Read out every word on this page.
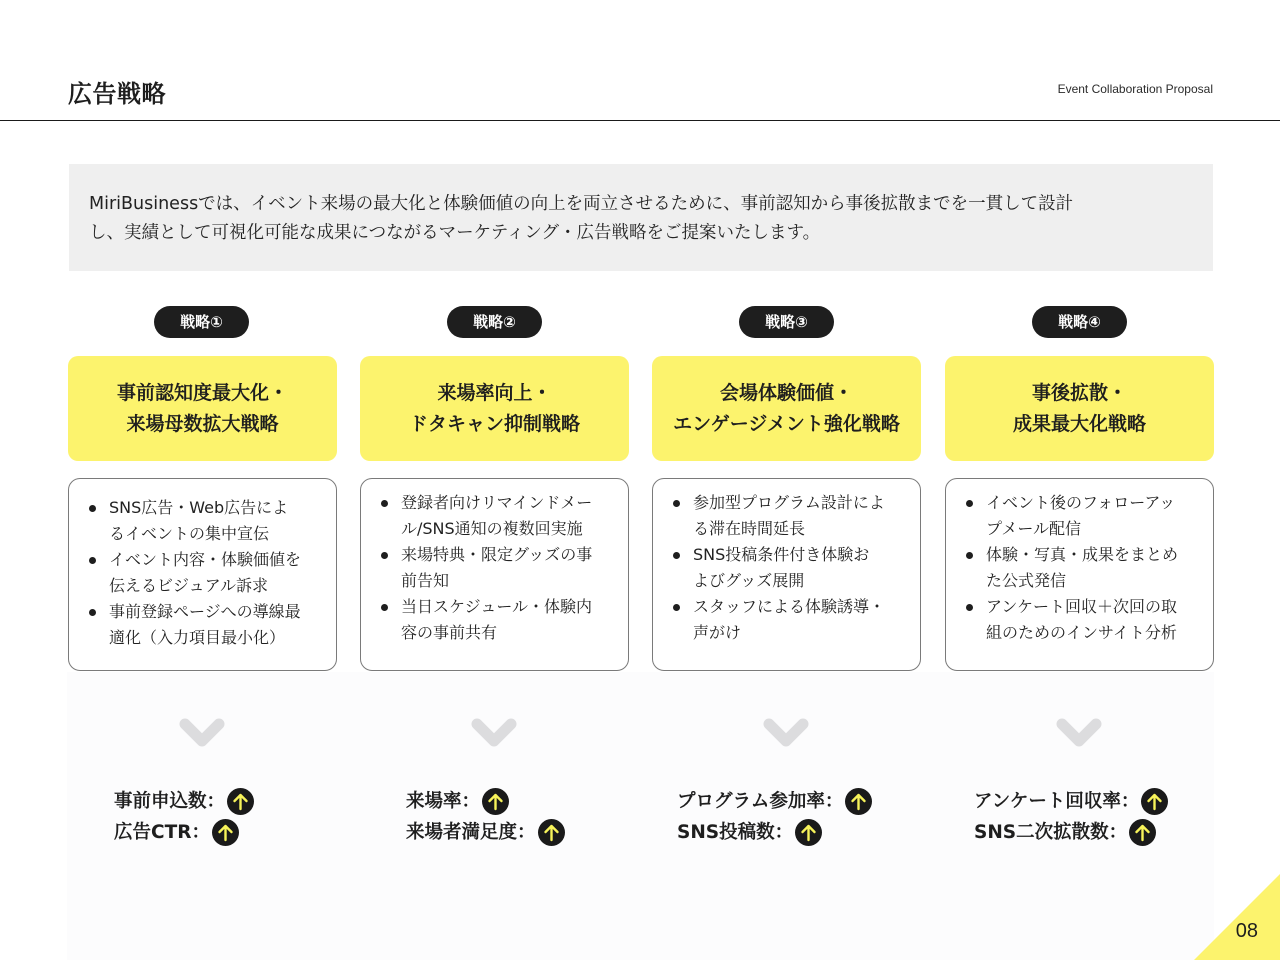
広告戦略	Event Collaboration Proposal
MiriBusinessでは、イベント来場の最大化と体験価値の向上を両立させるために、事前認知から事後拡散までを一貫して設計
し、実績として可視化可能な成果につながるマーケティング・広告戦略をご提案いたします。
戦略①
事前認知度最大化・
来場母数拡大戦略
SNS広告・Web広告によ
るイベントの集中宣伝
イベント内容・体験価値を
伝えるビジュアル訴求
事前登録ページへの導線最
適化（入力項目最小化）
事前申込数：
広告CTR：
戦略②
来場率向上・
ドタキャン抑制戦略
登録者向けリマインドメー
ル/SNS通知の複数回実施
来場特典・限定グッズの事
前告知
当日スケジュール・体験内
容の事前共有
来場率：
来場者満足度：
戦略③
会場体験価値・
エンゲージメント強化戦略
参加型プログラム設計によ
る滞在時間延長
SNS投稿条件付き体験お
よびグッズ展開
スタッフによる体験誘導・
声がけ
プログラム参加率：
SNS投稿数：
戦略④
事後拡散・
成果最大化戦略
イベント後のフォローアッ
プメール配信
体験・写真・成果をまとめ
た公式発信
アンケート回収＋次回の取
組のためのインサイト分析
アンケート回収率：
SNS二次拡散数：
08
